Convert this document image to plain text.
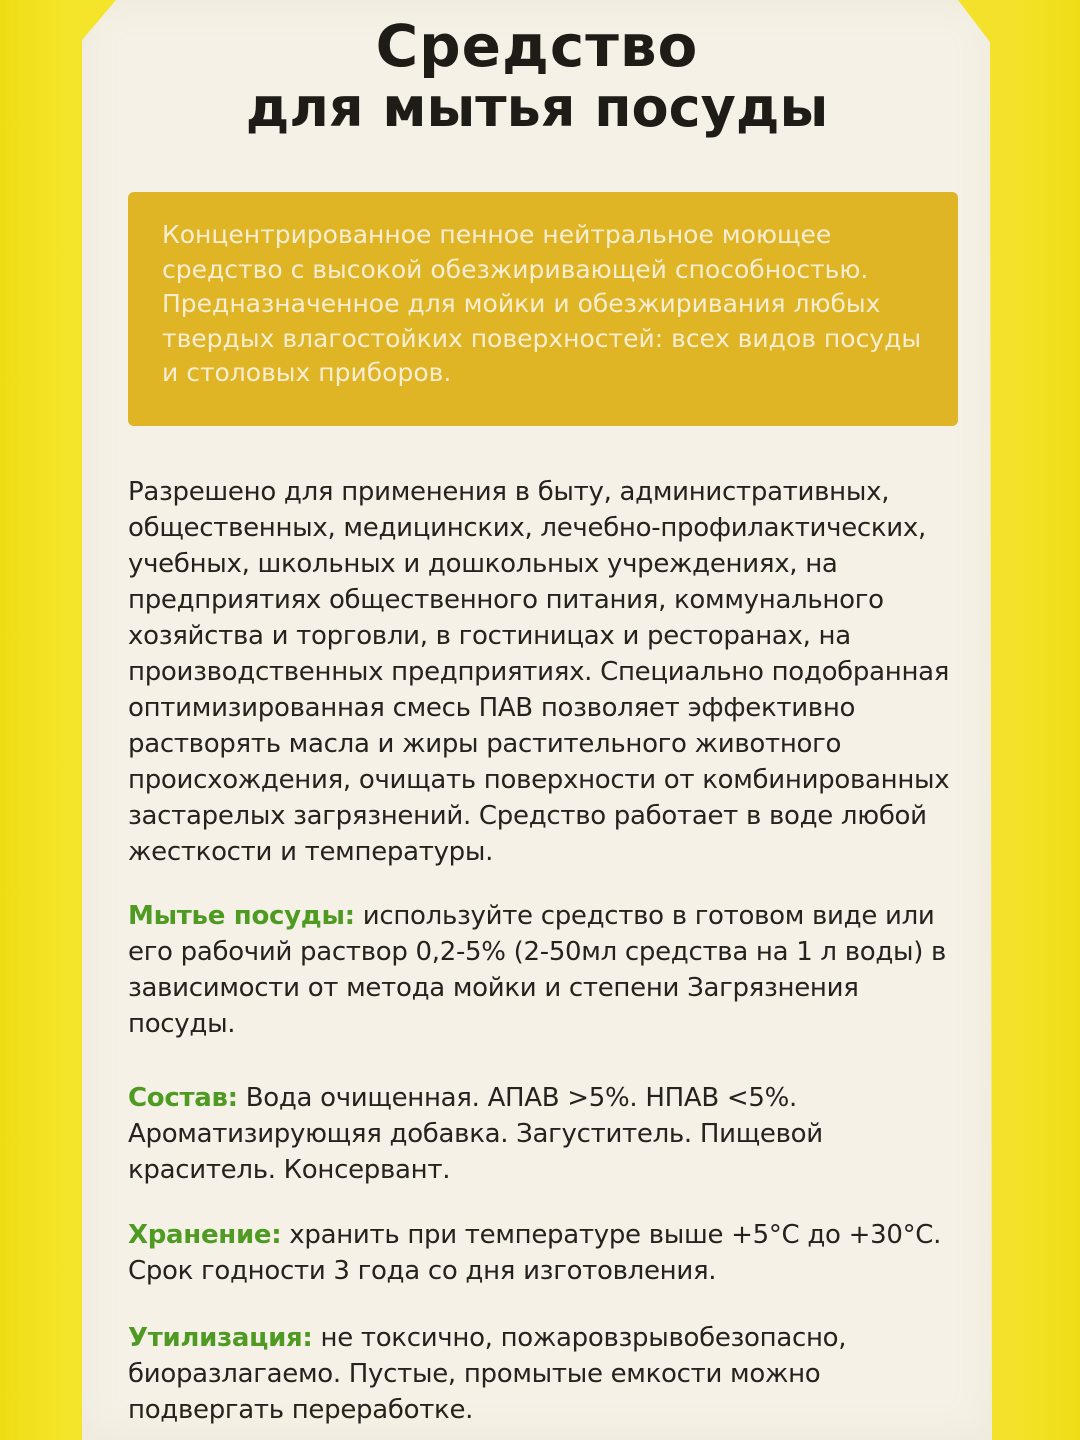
Средство
для мытья посуды
Концентрированное пенное нейтральное моющее средство с высокой обезжиривающей способностью. Предназначенное для мойки и обезжиривания любых твердых влагостойких поверхностей: всех видов посуды и столовых приборов.

Разрешено для применения в быту, административных, общественных, медицинских, лечебно-профилактических, учебных, школьных и дошкольных учреждениях, на предприятиях общественного питания, коммунального хозяйства и торговли, в гостиницах и ресторанах, на производственных предприятиях. Специально подобранная оптимизированная смесь ПАВ позволяет эффективно растворять масла и жиры растительного животного происхождения, очищать поверхности от комбинированных застарелых загрязнений. Средство работает в воде любой жесткости и температуры.

Мытье посуды: используйте средство в готовом виде или его рабочий раствор 0,2-5% (2-50мл средства на 1 л воды) в зависимости от метода мойки и степени Загрязнения посуды.

Состав: Вода очищенная. АПАВ >5%. НПАВ <5%. Ароматизирующяя добавка. Загуститель. Пищевой краситель. Консервант.

Хранение: хранить при температуре выше +5°С до +30°С. Срок годности 3 года со дня изготовления.

Утилизация: не токсично, пожаровзрывобезопасно, биоразлагаемо. Пустые, промытые емкости можно подвергать переработке.
